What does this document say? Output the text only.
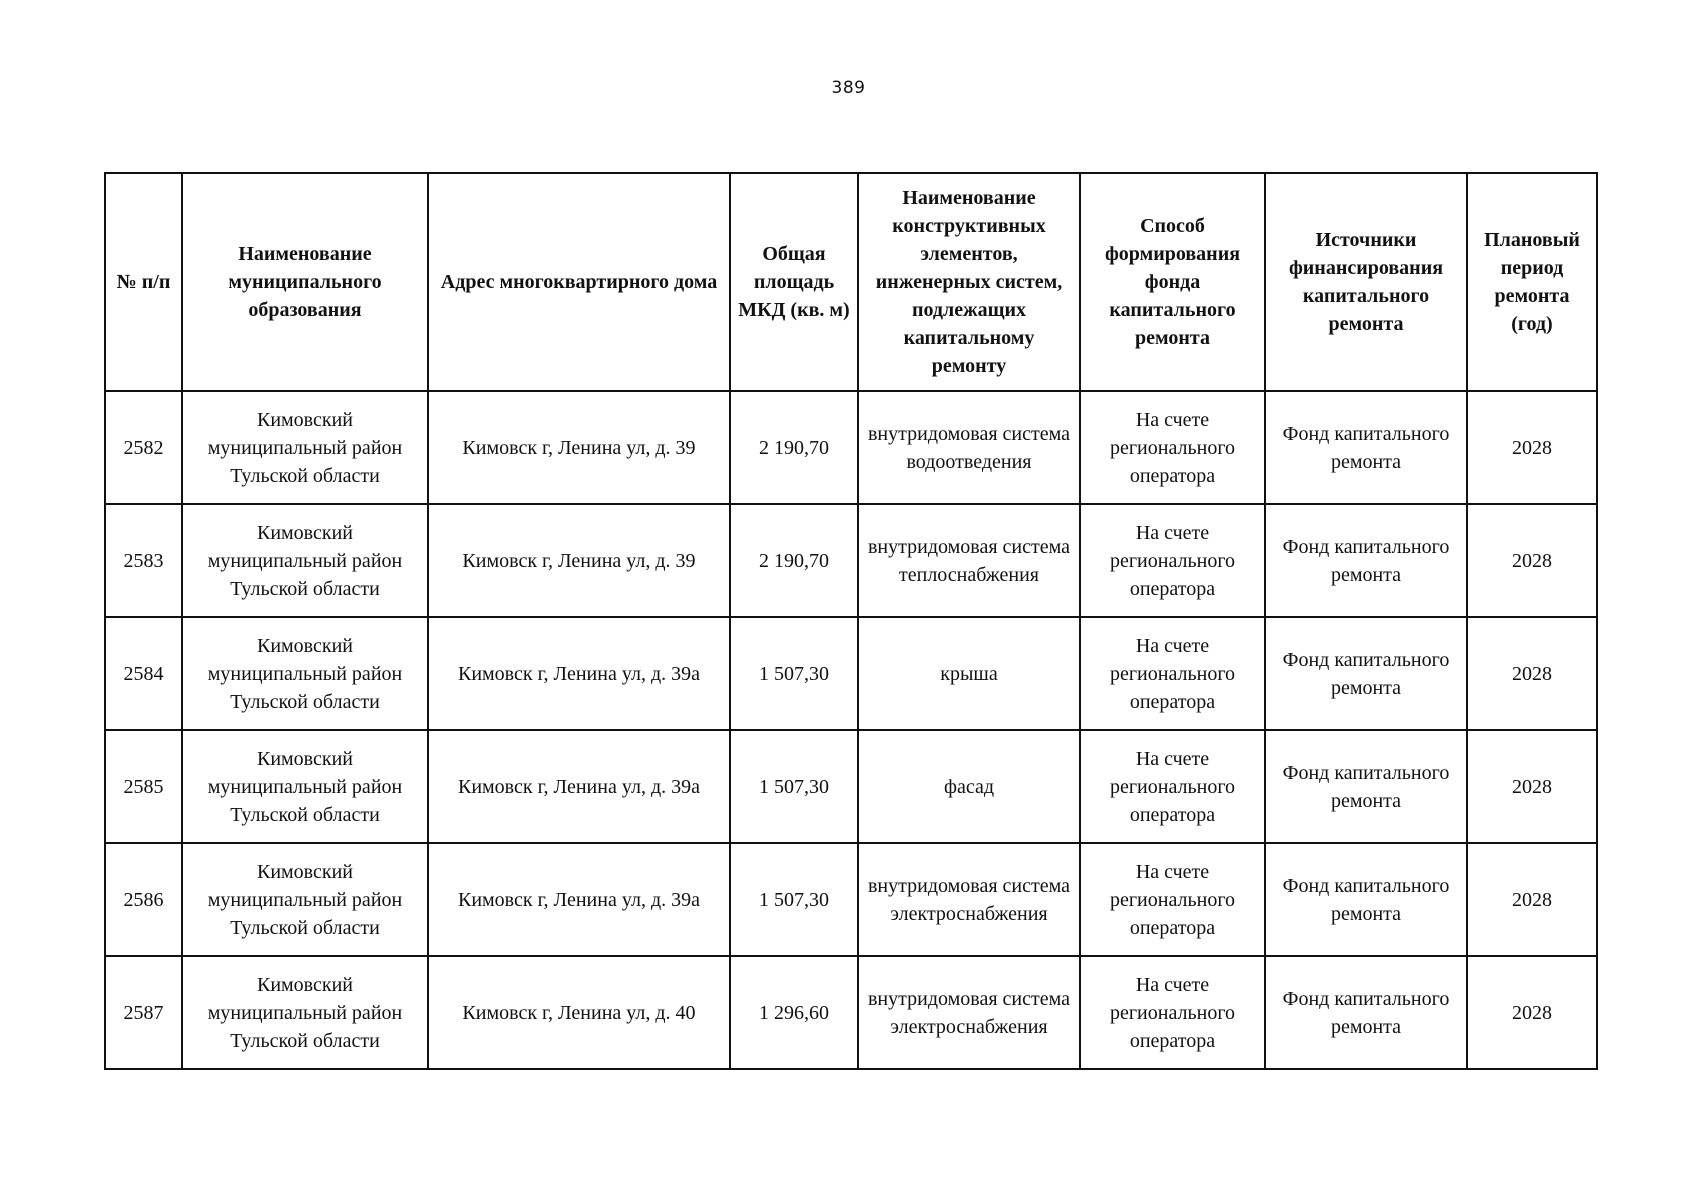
389
№ п/п	Наименование муниципального образования	Адрес многоквартирного дома	Общая площадь МКД (кв. м)	Наименование конструктивных элементов, инженерных систем, подлежащих капитальному ремонту	Способ формирования фонда капитального ремонта	Источники финансирования капитального ремонта	Плановый период ремонта (год)
2582	Кимовский муниципальный район Тульской области	Кимовск г, Ленина ул, д. 39	2 190,70	внутридомовая система водоотведения	На счете регионального оператора	Фонд капитального ремонта	2028
2583	Кимовский муниципальный район Тульской области	Кимовск г, Ленина ул, д. 39	2 190,70	внутридомовая система теплоснабжения	На счете регионального оператора	Фонд капитального ремонта	2028
2584	Кимовский муниципальный район Тульской области	Кимовск г, Ленина ул, д. 39а	1 507,30	крыша	На счете регионального оператора	Фонд капитального ремонта	2028
2585	Кимовский муниципальный район Тульской области	Кимовск г, Ленина ул, д. 39а	1 507,30	фасад	На счете регионального оператора	Фонд капитального ремонта	2028
2586	Кимовский муниципальный район Тульской области	Кимовск г, Ленина ул, д. 39а	1 507,30	внутридомовая система электроснабжения	На счете регионального оператора	Фонд капитального ремонта	2028
2587	Кимовский муниципальный район Тульской области	Кимовск г, Ленина ул, д. 40	1 296,60	внутридомовая система электроснабжения	На счете регионального оператора	Фонд капитального ремонта	2028
